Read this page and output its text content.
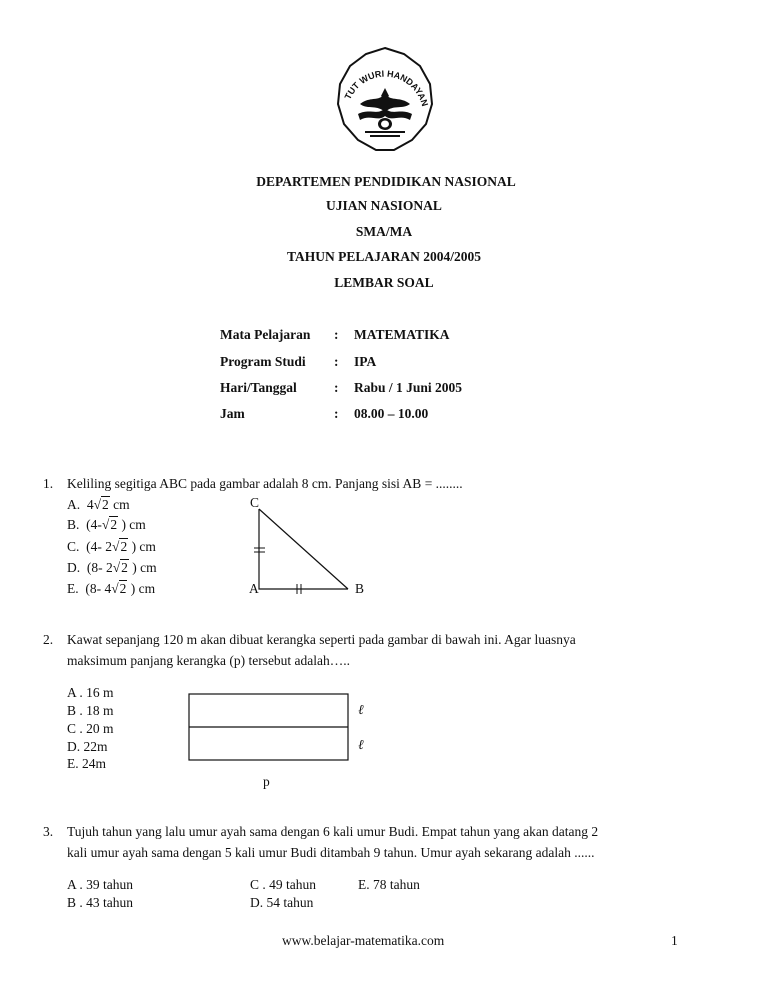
TUT WURI HANDAYANI
DEPARTEMEN PENDIDIKAN NASIONAL
UJIAN NASIONAL
SMA/MA
TAHUN PELAJARAN 2004/2005
LEMBAR SOAL
Mata Pelajaran : MATEMATIKA
Program Studi : IPA
Hari/Tanggal	: Rabu / 1 Juni 2005
Jam	: 08.00 – 10.00
1. Keliling segitiga ABC pada gambar adalah 8 cm. Panjang sisi AB = ........
A. 4√2 cm
B. (4-√2 ) cm
C. (4- 2√2 ) cm
D. (8- 2√2 ) cm
E. (8- 4√2 ) cm
C
A	B
2. Kawat sepanjang 120 m akan dibuat kerangka seperti pada gambar di bawah ini. Agar luasnya
maksimum panjang kerangka (p) tersebut adalah…..
A . 16 m
B . 18 m
C . 20 m
D. 22m
E. 24m
ℓ
ℓ
p
3. Tujuh tahun yang lalu umur ayah sama dengan 6 kali umur Budi. Empat tahun yang akan datang 2
kali umur ayah sama dengan 5 kali umur Budi ditambah 9 tahun. Umur ayah sekarang adalah ......
A . 39 tahun
B . 43 tahun
C . 49 tahun
D. 54 tahun
E. 78 tahun
www.belajar-matematika.com	1
